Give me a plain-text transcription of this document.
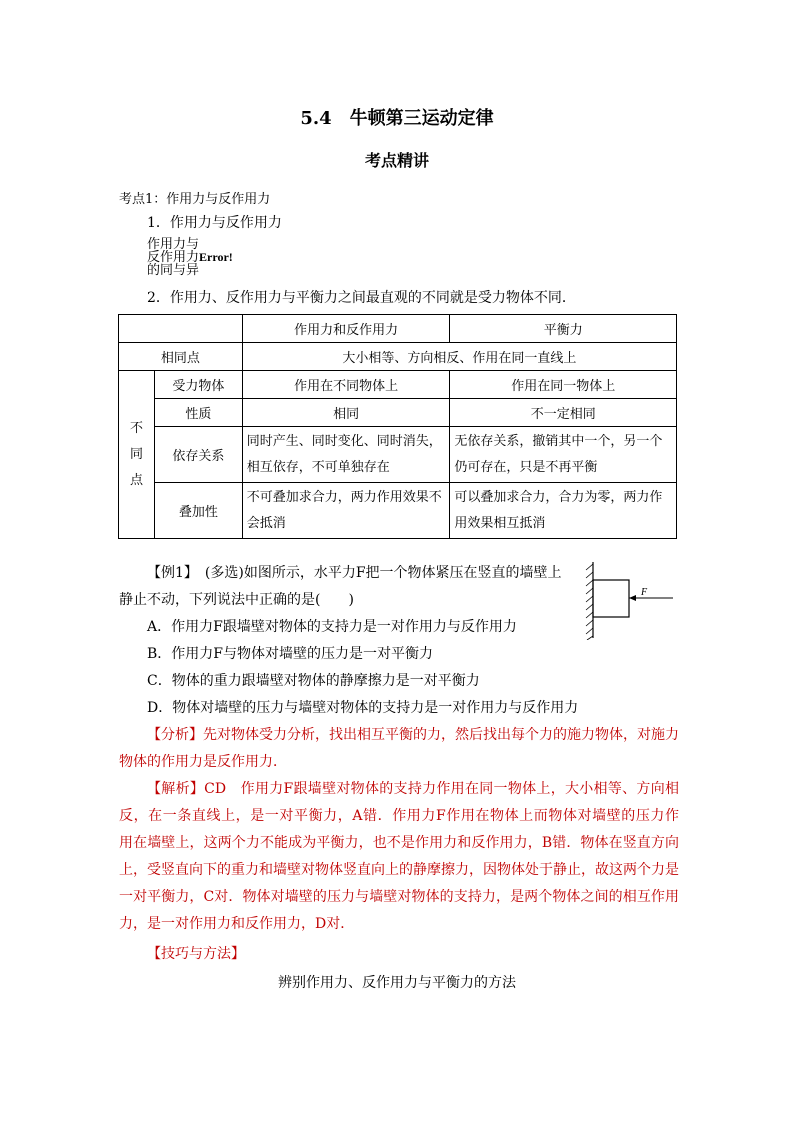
5.4　牛顿第三运动定律
考点精讲
考点1：作用力与反作用力
1．作用力与反作用力
作用力与
反作用力Error!
的同与异
2．作用力、反作用力与平衡力之间最直观的不同就是受力物体不同．
		作用力和反作用力	平衡力
相同点		大小相等、方向相反、作用在同一直线上	
不
同
点	受力物体	作用在不同物体上	作用在同一物体上
	性质	相同	不一定相同
	依存关系	同时产生、同时变化、同时消失，相互依存，不可单独存在	无依存关系，撤销其中一个，另一个仍可存在，只是不再平衡
	叠加性	不可叠加求合力，两力作用效果不会抵消	可以叠加求合力，合力为零，两力作用效果相互抵消
【例1】　(多选)如图所示，水平力F把一个物体紧压在竖直的墙壁上
静止不动，下列说法中正确的是(　　)	F
A．作用力F跟墙壁对物体的支持力是一对作用力与反作用力
B．作用力F与物体对墙壁的压力是一对平衡力
C．物体的重力跟墙壁对物体的静摩擦力是一对平衡力
D．物体对墙壁的压力与墙壁对物体的支持力是一对作用力与反作用力
【分析】先对物体受力分析，找出相互平衡的力，然后找出每个力的施力物体，对施力
物体的作用力是反作用力．
【解析】CD　作用力F跟墙壁对物体的支持力作用在同一物体上，大小相等、方向相
反，在一条直线上，是一对平衡力，A错．作用力F作用在物体上而物体对墙壁的压力作
用在墙壁上，这两个力不能成为平衡力，也不是作用力和反作用力，B错．物体在竖直方向
上，受竖直向下的重力和墙壁对物体竖直向上的静摩擦力，因物体处于静止，故这两个力是
一对平衡力，C对．物体对墙壁的压力与墙壁对物体的支持力，是两个物体之间的相互作用
力，是一对作用力和反作用力，D对．
【技巧与方法】
辨别作用力、反作用力与平衡力的方法
